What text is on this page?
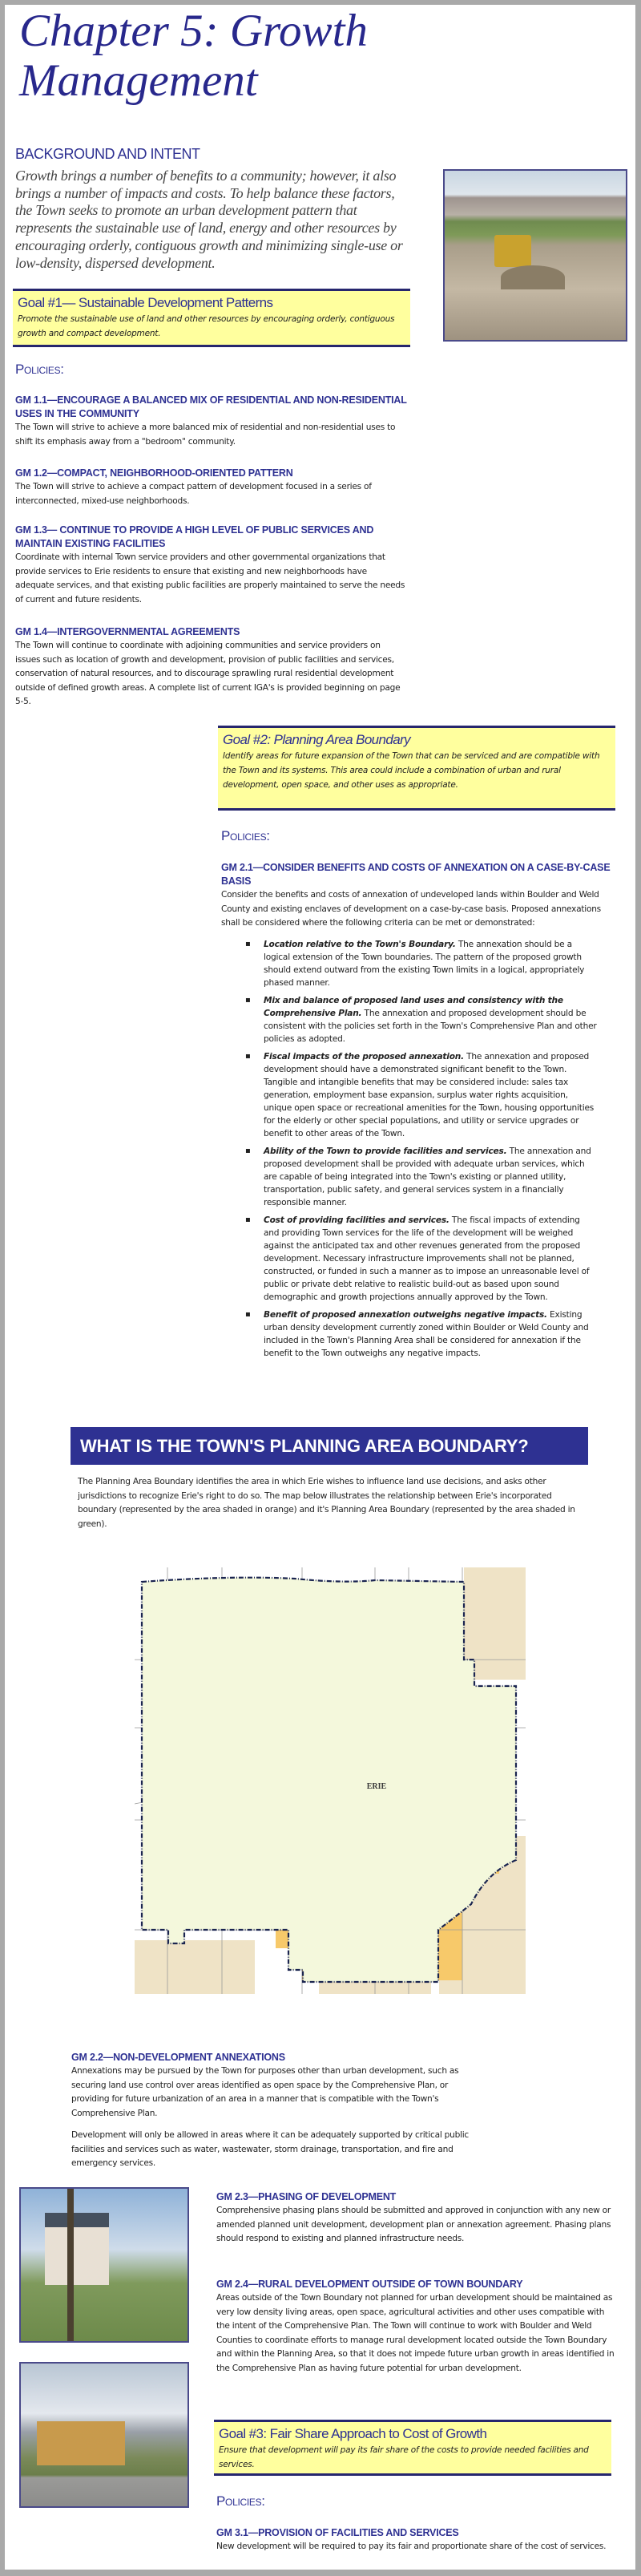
Chapter 5: Growth
Management
BACKGROUND AND INTENT
Growth brings a number of benefits to a community; however, it also brings a number of impacts and costs. To help balance these factors, the Town seeks to promote an urban development pattern that represents the sustainable use of land, energy and other resources by encouraging orderly, contiguous growth and minimizing single-use or low-density, dispersed development.
Goal #1— Sustainable Development Patterns
Promote the sustainable use of land and other resources by encouraging orderly, contiguous growth and compact development.
Policies:
GM 1.1—ENCOURAGE A BALANCED MIX OF RESIDENTIAL AND NON-RESIDENTIAL USES IN THE COMMUNITY
The Town will strive to achieve a more balanced mix of residential and non-residential uses to shift its emphasis away from a "bedroom" community.
GM 1.2—COMPACT, NEIGHBORHOOD-ORIENTED PATTERN
The Town will strive to achieve a compact pattern of development focused in a series of interconnected, mixed-use neighborhoods.
GM 1.3— CONTINUE TO PROVIDE A HIGH LEVEL OF PUBLIC SERVICES AND MAINTAIN EXISTING FACILITIES
Coordinate with internal Town service providers and other governmental organizations that provide services to Erie residents to ensure that existing and new neighborhoods have adequate services, and that existing public facilities are properly maintained to serve the needs of current and future residents.
GM 1.4—INTERGOVERNMENTAL AGREEMENTS
The Town will continue to coordinate with adjoining communities and service providers on issues such as location of growth and development, provision of public facilities and services, conservation of natural resources, and to discourage sprawling rural residential development outside of defined growth areas. A complete list of current IGA's is provided beginning on page 5-5.
Goal #2: Planning Area Boundary
Identify areas for future expansion of the Town that can be serviced and are compatible with the Town and its systems. This area could include a combination of urban and rural development, open space, and other uses as appropriate.
Policies:
GM 2.1—CONSIDER BENEFITS AND COSTS OF ANNEXATION ON A CASE-BY-CASE BASIS
Consider the benefits and costs of annexation of undeveloped lands within Boulder and Weld County and existing enclaves of development on a case-by-case basis. Proposed annexations shall be considered where the following criteria can be met or demonstrated:
▪ Location relative to the Town's Boundary. The annexation should be a logical extension of the Town boundaries. The pattern of the proposed growth should extend outward from the existing Town limits in a logical, appropriately phased manner.
▪ Mix and balance of proposed land uses and consistency with the Comprehensive Plan. The annexation and proposed development should be consistent with the policies set forth in the Town's Comprehensive Plan and other policies as adopted.
▪ Fiscal impacts of the proposed annexation. The annexation and proposed development should have a demonstrated significant benefit to the Town. Tangible and intangible benefits that may be considered include: sales tax generation, employment base expansion, surplus water rights acquisition, unique open space or recreational amenities for the Town, housing opportunities for the elderly or other special populations, and utility or service upgrades or benefit to other areas of the Town.
▪ Ability of the Town to provide facilities and services. The annexation and proposed development shall be provided with adequate urban services, which are capable of being integrated into the Town's existing or planned utility, transportation, public safety, and general services system in a financially responsible manner.
▪ Cost of providing facilities and services. The fiscal impacts of extending and providing Town services for the life of the development will be weighed against the anticipated tax and other revenues generated from the proposed development. Necessary infrastructure improvements shall not be planned, constructed, or funded in such a manner as to impose an unreasonable level of public or private debt relative to realistic build-out as based upon sound demographic and growth projections annually approved by the Town.
▪ Benefit of proposed annexation outweighs negative impacts. Existing urban density development currently zoned within Boulder or Weld County and included in the Town's Planning Area shall be considered for annexation if the benefit to the Town outweighs any negative impacts.
WHAT IS THE TOWN'S PLANNING AREA BOUNDARY?
The Planning Area Boundary identifies the area in which Erie wishes to influence land use decisions, and asks other jurisdictions to recognize Erie's right to do so. The map below illustrates the relationship between Erie's incorporated boundary (represented by the area shaded in orange) and it's Planning Area Boundary (represented by the area shaded in green).
ERIE
GM 2.2—NON-DEVELOPMENT ANNEXATIONS
Annexations may be pursued by the Town for purposes other than urban development, such as securing land use control over areas identified as open space by the Comprehensive Plan, or providing for future urbanization of an area in a manner that is compatible with the Town's Comprehensive Plan.
Development will only be allowed in areas where it can be adequately supported by critical public facilities and services such as water, wastewater, storm drainage, transportation, and fire and emergency services.
GM 2.3—PHASING OF DEVELOPMENT
Comprehensive phasing plans should be submitted and approved in conjunction with any new or amended planned unit development, development plan or annexation agreement. Phasing plans should respond to existing and planned infrastructure needs.
GM 2.4—RURAL DEVELOPMENT OUTSIDE OF TOWN BOUNDARY
Areas outside of the Town Boundary not planned for urban development should be maintained as very low density living areas, open space, agricultural activities and other uses compatible with the intent of the Comprehensive Plan. The Town will continue to work with Boulder and Weld Counties to coordinate efforts to manage rural development located outside the Town Boundary and within the Planning Area, so that it does not impede future urban growth in areas identified in the Comprehensive Plan as having future potential for urban development.
Goal #3: Fair Share Approach to Cost of Growth
Ensure that development will pay its fair share of the costs to provide needed facilities and services.
Policies:
GM 3.1—PROVISION OF FACILITIES AND SERVICES
New development will be required to pay its fair and proportionate share of the cost of services.
